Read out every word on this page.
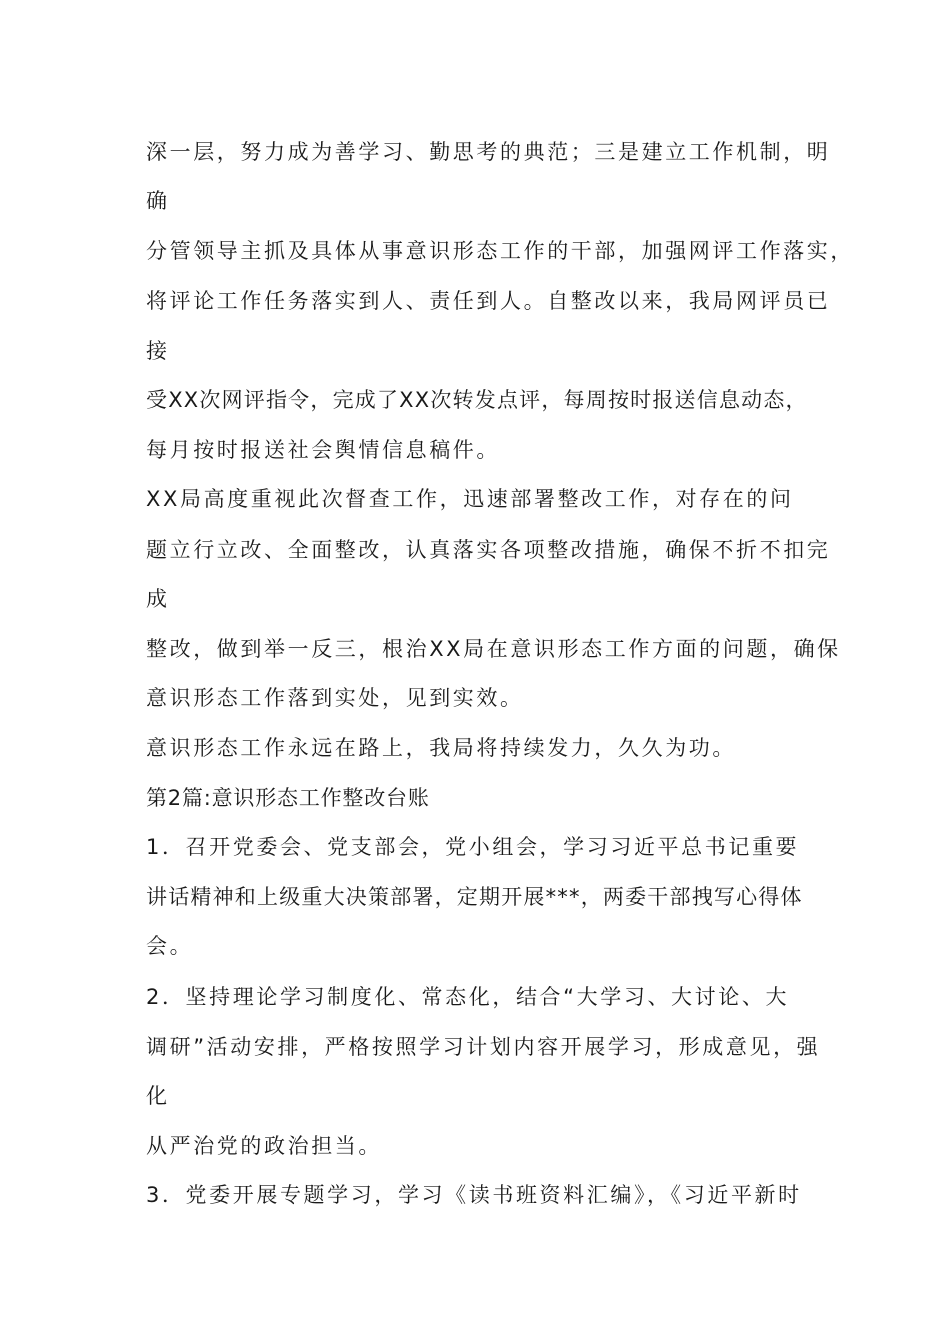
深一层，努力成为善学习、勤思考的典范；三是建立工作机制，明
确
分管领导主抓及具体从事意识形态工作的干部，加强网评工作落实，
将评论工作任务落实到人、责任到人。自整改以来，我局网评员已
接
受XX次网评指令，完成了XX次转发点评，每周按时报送信息动态，
每月按时报送社会舆情信息稿件。
XX局高度重视此次督查工作，迅速部署整改工作，对存在的问
题立行立改、全面整改，认真落实各项整改措施，确保不折不扣完
成
整改，做到举一反三，根治XX局在意识形态工作方面的问题，确保
意识形态工作落到实处，见到实效。
意识形态工作永远在路上，我局将持续发力，久久为功。
第2篇:意识形态工作整改台账
1．召开党委会、党支部会，党小组会，学习习近平总书记重要
讲话精神和上级重大决策部署，定期开展***，两委干部拽写心得体
会。
2．坚持理论学习制度化、常态化，结合“大学习、大讨论、大
调研”活动安排，严格按照学习计划内容开展学习，形成意见，强
化
从严治党的政治担当。
3．党委开展专题学习，学习《读书班资料汇编》，《习近平新时
